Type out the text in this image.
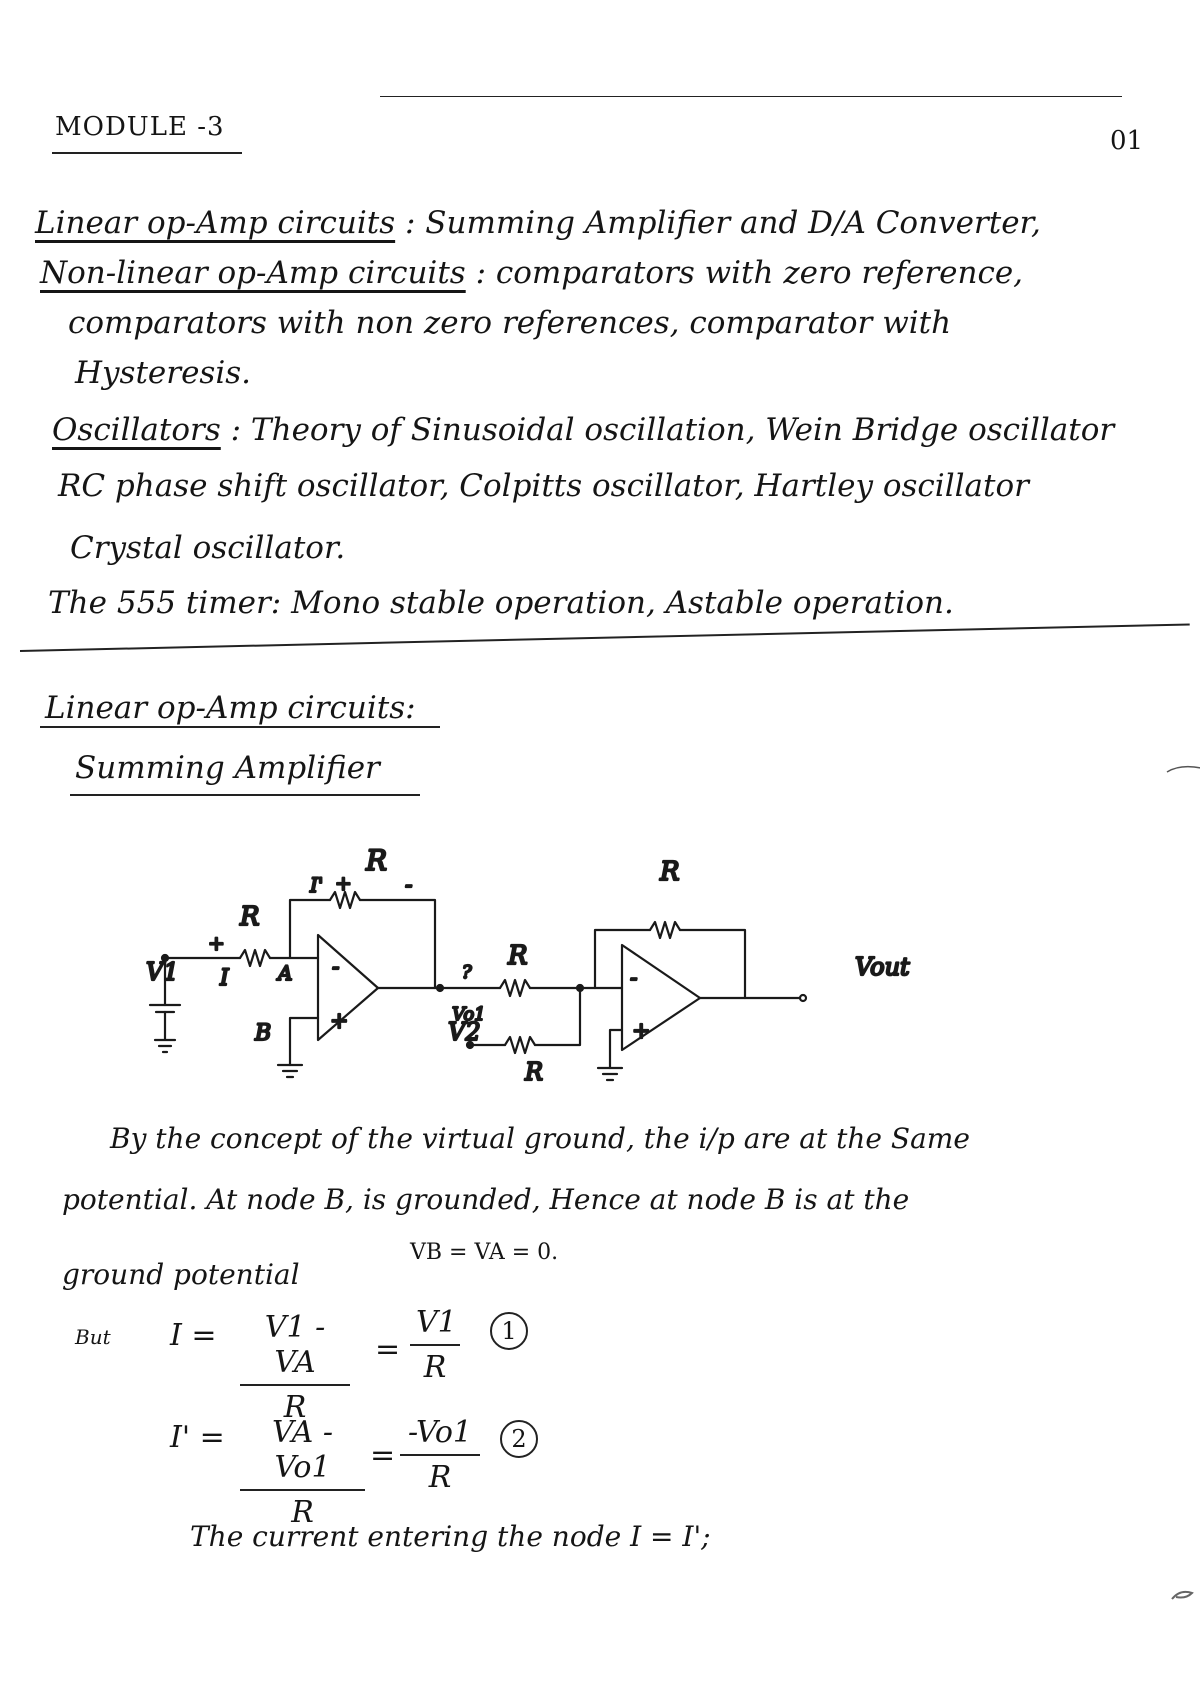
MODULE -3	01
Linear op-Amp circuits : Summing Amplifier and D/A Converter,
Non-linear op-Amp circuits : comparators with zero reference,
comparators with non zero references, comparator with
Hysteresis.
Oscillators : Theory of Sinusoidal oscillation, Wein Bridge oscillator
RC phase shift oscillator, Colpitts oscillator, Hartley oscillator
Crystal oscillator.
The 555 timer: Mono stable operation, Astable operation.
Linear op-Amp circuits:
Summing Amplifier
R
I' + -
R
+
V1 I A
B
-
+
?
R
Vo1
V2
R
R
-
+
Vout
By the concept of the virtual ground, the i/p are at the Same
potential. At node B, is grounded, Hence at node B is at the
ground potential
VB = VA = 0.
But $I = \frac{V1 - VA}{R} = \frac{V1}{R}$	1
$I' = \frac{VA - Vo1}{R} = \frac{-Vo1}{R}$	2
The current entering the node I = I';
